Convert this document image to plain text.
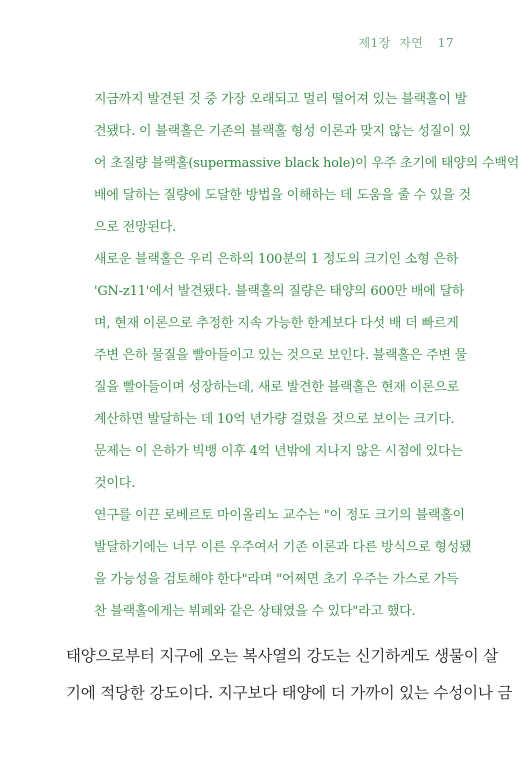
제1장 자연 17
지금까지 발견된 것 중 가장 오래되고 멀리 떨어져 있는 블랙홀이 발
견됐다. 이 블랙홀은 기존의 블랙홀 형성 이론과 맞지 않는 성질이 있
어 초질량 블랙홀(supermassive black hole)이 우주 초기에 태양의 수백억
배에 달하는 질량에 도달한 방법을 이해하는 데 도움을 줄 수 있을 것
으로 전망된다.
새로운 블랙홀은 우리 은하의 100분의 1 정도의 크기인 소형 은하
'GN-z11'에서 발견됐다. 블랙홀의 질량은 태양의 600만 배에 달하
며, 현재 이론으로 추정한 지속 가능한 한계보다 다섯 배 더 빠르게
주변 은하 물질을 빨아들이고 있는 것으로 보인다. 블랙홀은 주변 물
질을 빨아들이며 성장하는데, 새로 발견한 블랙홀은 현재 이론으로
계산하면 발달하는 데 10억 년가량 걸렸을 것으로 보이는 크기다.
문제는 이 은하가 빅뱅 이후 4억 년밖에 지나지 않은 시점에 있다는
것이다.
연구를 이끈 로베르토 마이올리노 교수는 "이 정도 크기의 블랙홀이
발달하기에는 너무 이른 우주여서 기존 이론과 다른 방식으로 형성됐
을 가능성을 검토해야 한다"라며 "어쩌면 초기 우주는 가스로 가득
찬 블랙홀에게는 뷔페와 같은 상태였을 수 있다"라고 했다.
태양으로부터 지구에 오는 복사열의 강도는 신기하게도 생물이 살
기에 적당한 강도이다. 지구보다 태양에 더 가까이 있는 수성이나 금
